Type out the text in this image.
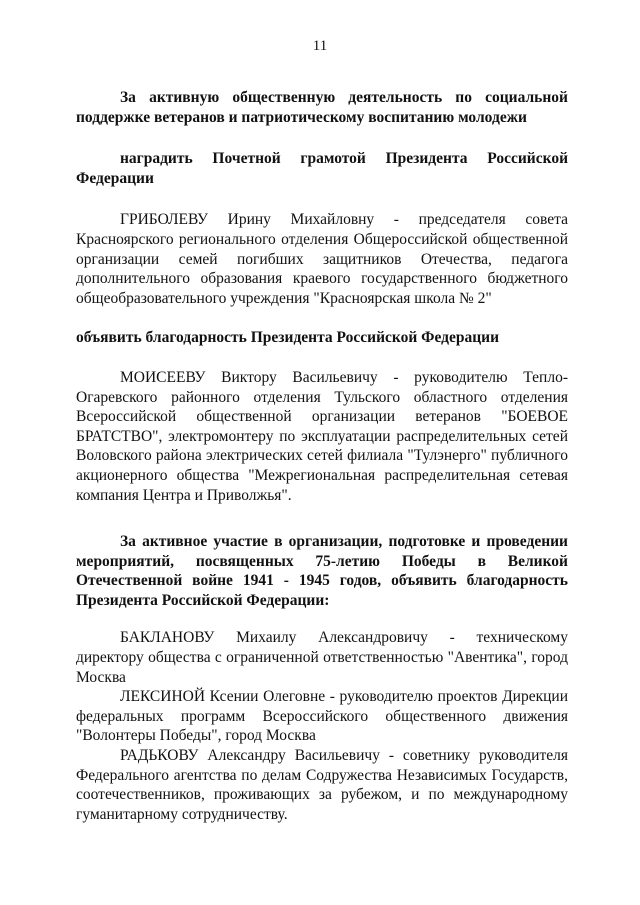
11

За активную общественную деятельность по социальной поддержке ветеранов и патриотическому воспитанию молодежи

наградить Почетной грамотой Президента Российской Федерации

ГРИБОЛЕВУ Ирину Михайловну - председателя совета Красноярского регионального отделения Общероссийской общественной организации семей погибших защитников Отечества, педагога дополнительного образования краевого государственного бюджетного общеобразовательного учреждения "Красноярская школа № 2"

объявить благодарность Президента Российской Федерации

МОИСЕЕВУ Виктору Васильевичу - руководителю Тепло-Огаревского районного отделения Тульского областного отделения Всероссийской общественной организации ветеранов "БОЕВОЕ БРАТСТВО", электромонтеру по эксплуатации распределительных сетей Воловского района электрических сетей филиала "Тулэнерго" публичного акционерного общества "Межрегиональная распределительная сетевая компания Центра и Приволжья".

За активное участие в организации, подготовке и проведении мероприятий, посвященных 75-летию Победы в Великой Отечественной войне 1941 - 1945 годов, объявить благодарность Президента Российской Федерации:

БАКЛАНОВУ Михаилу Александровичу - техническому директору общества с ограниченной ответственностью "Авентика", город Москва

ЛЕКСИНОЙ Ксении Олеговне - руководителю проектов Дирекции федеральных программ Всероссийского общественного движения "Волонтеры Победы", город Москва

РАДЬКОВУ Александру Васильевичу - советнику руководителя Федерального агентства по делам Содружества Независимых Государств, соотечественников, проживающих за рубежом, и по международному гуманитарному сотрудничеству.
